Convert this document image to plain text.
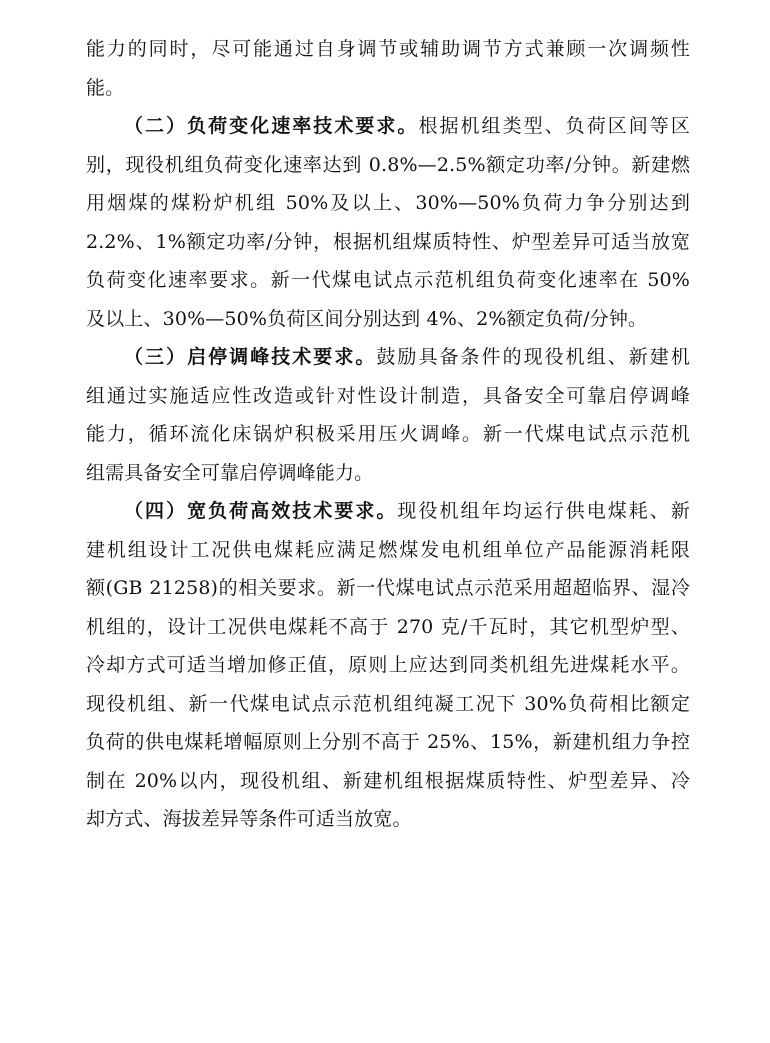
能力的同时，尽可能通过自身调节或辅助调节方式兼顾一次调频性
能。
（二）负荷变化速率技术要求。根据机组类型、负荷区间等区
别，现役机组负荷变化速率达到 0.8%—2.5%额定功率/分钟。新建燃
用烟煤的煤粉炉机组 50%及以上、30%—50%负荷力争分别达到
2.2%、1%额定功率/分钟，根据机组煤质特性、炉型差异可适当放宽
负荷变化速率要求。新一代煤电试点示范机组负荷变化速率在 50%
及以上、30%—50%负荷区间分别达到 4%、2%额定负荷/分钟。
（三）启停调峰技术要求。鼓励具备条件的现役机组、新建机
组通过实施适应性改造或针对性设计制造，具备安全可靠启停调峰
能力，循环流化床锅炉积极采用压火调峰。新一代煤电试点示范机
组需具备安全可靠启停调峰能力。
（四）宽负荷高效技术要求。现役机组年均运行供电煤耗、新
建机组设计工况供电煤耗应满足燃煤发电机组单位产品能源消耗限
额(GB 21258)的相关要求。新一代煤电试点示范采用超超临界、湿冷
机组的，设计工况供电煤耗不高于 270 克/千瓦时，其它机型炉型、
冷却方式可适当增加修正值，原则上应达到同类机组先进煤耗水平。
现役机组、新一代煤电试点示范机组纯凝工况下 30%负荷相比额定
负荷的供电煤耗增幅原则上分别不高于 25%、15%，新建机组力争控
制在 20%以内，现役机组、新建机组根据煤质特性、炉型差异、冷
却方式、海拔差异等条件可适当放宽。
